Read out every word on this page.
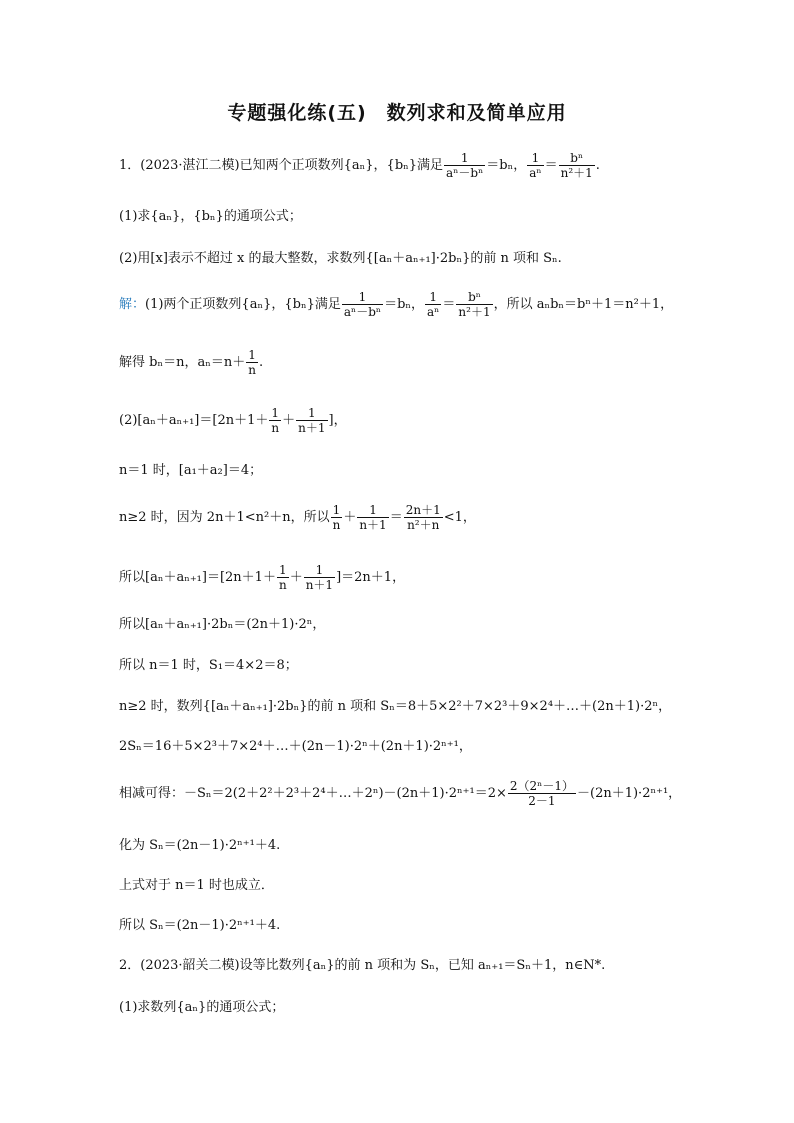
专题强化练(五)　数列求和及简单应用
1．(2023·湛江二模)已知两个正项数列{aₙ}，{bₙ}满足 $\frac{1}{\text{aⁿ－bⁿ}} =b_n$， $\frac{1}{\text{aⁿ}} = \frac{\text{bⁿ}}{\text{n²＋1}}$ .
(1)求{aₙ}，{bₙ}的通项公式；
(2)用[x]表示不超过 x 的最大整数，求数列{[aₙ＋aₙ₊₁]·2bₙ}的前 n 项和 Sₙ.
解：(1)两个正项数列{aₙ}，{bₙ}满足 $\frac{1}{\text{aⁿ－bⁿ}} =b_n$， $\frac{1}{\text{aⁿ}} = \frac{\text{bⁿ}}{\text{n²＋1}}$ ，所以 aₙbₙ＝bⁿ＋1＝n²＋1，
解得 bₙ＝n，$a_n=n+ \frac{1}{n}$ .
$(2)[a_n+a_{n+1}]=[2n+1+ \frac{1}{n} + \frac{1}{n+1}$ ]，
n＝1 时，[a₁＋a₂]＝4；
n≥2 时，因为 2n＋1<n²＋n，所以 $\frac{1}{n} + \frac{1}{n+1} = \frac{2n+1}{\text{n²＋n}} <1$，
所以$[a_n+a_{n+1}]=[2n+1+ \frac{1}{n} + \frac{1}{n+1} ]=2n+1$，
所以[aₙ＋aₙ₊₁]·2bₙ＝(2n＋1)·2ⁿ，
所以 n＝1 时，S₁＝4×2＝8；
n≥2 时，数列{[aₙ＋aₙ₊₁]·2bₙ}的前 n 项和 Sₙ＝8＋5×2²＋7×2³＋9×2⁴＋…＋(2n＋1)·2ⁿ，
2Sₙ＝16＋5×2³＋7×2⁴＋…＋(2n－1)·2ⁿ＋(2n＋1)·2ⁿ⁺¹，
相减可得：－Sₙ＝2(2＋2²＋2³＋2⁴＋…＋2ⁿ)－(2n＋1)·2ⁿ⁺¹＝2× $\frac{\text{2（2ⁿ－1）}}{2-1} -(2n+1)\cdot 2^{n+1}$，
化为 Sₙ＝(2n－1)·2ⁿ⁺¹＋4.
上式对于 n＝1 时也成立．
所以 Sₙ＝(2n－1)·2ⁿ⁺¹＋4.
2．(2023·韶关二模)设等比数列{aₙ}的前 n 项和为 Sₙ，已知 aₙ₊₁＝Sₙ＋1，n∈N*.
(1)求数列{aₙ}的通项公式；
